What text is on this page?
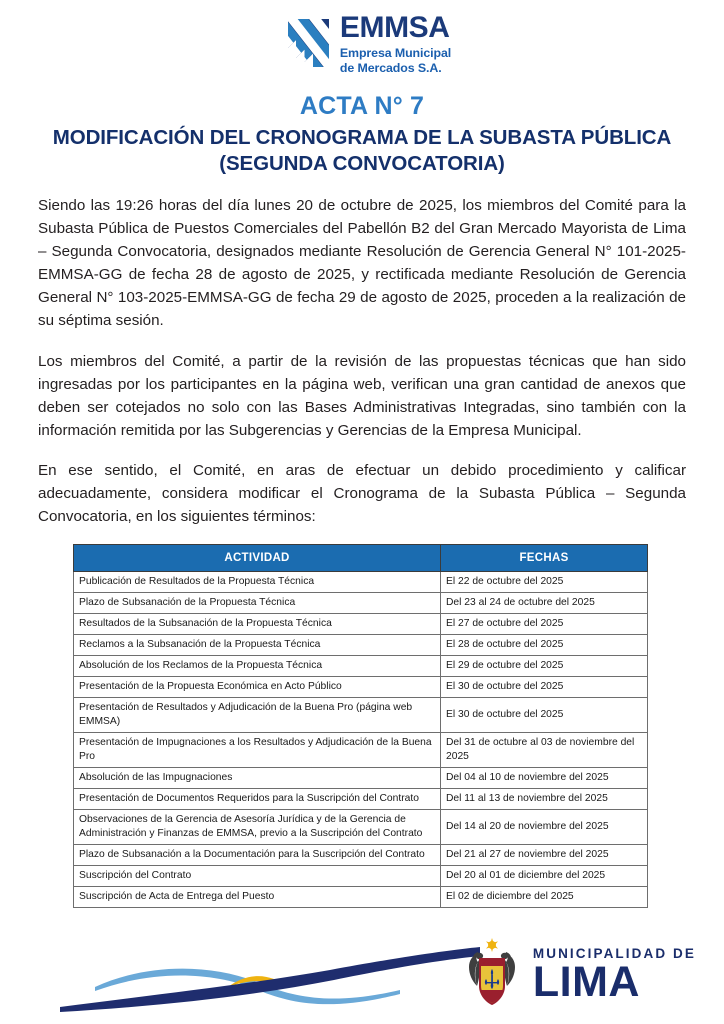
EMMSA
Empresa Municipal
de Mercados S.A.
ACTA N° 7
MODIFICACIÓN DEL CRONOGRAMA DE LA SUBASTA PÚBLICA (SEGUNDA CONVOCATORIA)

Siendo las 19:26 horas del día lunes 20 de octubre de 2025, los miembros del Comité para la Subasta Pública de Puestos Comerciales del Pabellón B2 del Gran Mercado Mayorista de Lima – Segunda Convocatoria, designados mediante Resolución de Gerencia General N° 101-2025-EMMSA-GG de fecha 28 de agosto de 2025, y rectificada mediante Resolución de Gerencia General N° 103-2025-EMMSA-GG de fecha 29 de agosto de 2025, proceden a la realización de su séptima sesión.

Los miembros del Comité, a partir de la revisión de las propuestas técnicas que han sido ingresadas por los participantes en la página web, verifican una gran cantidad de anexos que deben ser cotejados no solo con las Bases Administrativas Integradas, sino también con la información remitida por las Subgerencias y Gerencias de la Empresa Municipal.

En ese sentido, el Comité, en aras de efectuar un debido procedimiento y calificar adecuadamente, considera modificar el Cronograma de la Subasta Pública – Segunda Convocatoria, en los siguientes términos:

ACTIVIDAD	FECHAS
Publicación de Resultados de la Propuesta Técnica	El 22 de octubre del 2025
Plazo de Subsanación de la Propuesta Técnica	Del 23 al 24 de octubre del 2025
Resultados de la Subsanación de la Propuesta Técnica	El 27 de octubre del 2025
Reclamos a la Subsanación de la Propuesta Técnica	El 28 de octubre del 2025
Absolución de los Reclamos de la Propuesta Técnica	El 29 de octubre del 2025
Presentación de la Propuesta Económica en Acto Público	El 30 de octubre del 2025
Presentación de Resultados y Adjudicación de la Buena Pro (página web EMMSA)	El 30 de octubre del 2025
Presentación de Impugnaciones a los Resultados y Adjudicación de la Buena Pro	Del 31 de octubre al 03 de noviembre del 2025
Absolución de las Impugnaciones	Del 04 al 10 de noviembre del 2025
Presentación de Documentos Requeridos para la Suscripción del Contrato	Del 11 al 13 de noviembre del 2025
Observaciones de la Gerencia de Asesoría Jurídica y de la Gerencia de Administración y Finanzas de EMMSA, previo a la Suscripción del Contrato	Del 14 al 20 de noviembre del 2025
Plazo de Subsanación a la Documentación para la Suscripción del Contrato	Del 21 al 27 de noviembre del 2025
Suscripción del Contrato	Del 20 al 01 de diciembre del 2025
Suscripción de Acta de Entrega del Puesto	El 02 de diciembre del 2025
MUNICIPALIDAD DE
LIMA
